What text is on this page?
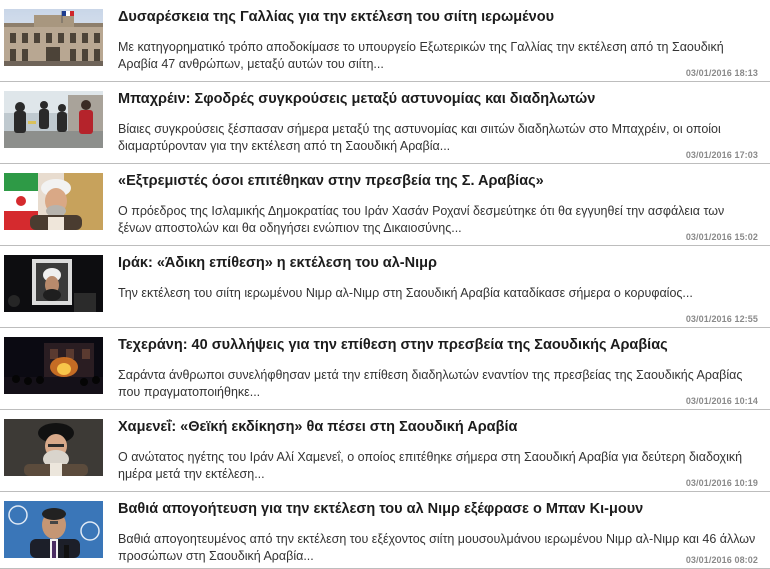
Δυσαρέσκεια της Γαλλίας για την εκτέλεση του σιίτη ιερωμένου

Με κατηγορηματικό τρόπο αποδοκίμασε το υπουργείο Εξωτερικών της Γαλλίας την εκτέλεση από τη Σαουδική Αραβία 47 ανθρώπων, μεταξύ αυτών του σιίτη...

03/01/2016 18:13
Μπαχρέιν: Σφοδρές συγκρούσεις μεταξύ αστυνομίας και διαδηλωτών

Βίαιες συγκρούσεις ξέσπασαν σήμερα μεταξύ της αστυνομίας και σιιτών διαδηλωτών στο Μπαχρέιν, οι οποίοι διαμαρτύρονταν για την εκτέλεση από τη Σαουδική Αραβία...

03/01/2016 17:03
«Εξτρεμιστές όσοι επιτέθηκαν στην πρεσβεία της Σ. Αραβίας»

Ο πρόεδρος της Ισλαμικής Δημοκρατίας του Ιράν Χασάν Ροχανί δεσμεύτηκε ότι θα εγγυηθεί την ασφάλεια των ξένων αποστολών και θα οδηγήσει ενώπιον της Δικαιοσύνης...

03/01/2016 15:02
Ιράκ: «Άδικη επίθεση» η εκτέλεση του αλ-Νιμρ

Την εκτέλεση του σιίτη ιερωμένου Νιμρ αλ-Νιμρ στη Σαουδική Αραβία καταδίκασε σήμερα ο κορυφαίος...

03/01/2016 12:55
Τεχεράνη: 40 συλλήψεις για την επίθεση στην πρεσβεία της Σαουδικής Αραβίας

Σαράντα άνθρωποι συνελήφθησαν μετά την επίθεση διαδηλωτών εναντίον της πρεσβείας της Σαουδικής Αραβίας που πραγματοποιήθηκε...

03/01/2016 10:14
Χαμενεΐ: «Θεϊκή εκδίκηση» θα πέσει στη Σαουδική Αραβία

Ο ανώτατος ηγέτης του Ιράν Αλί Χαμενεΐ, ο οποίος επιτέθηκε σήμερα στη Σαουδική Αραβία για δεύτερη διαδοχική ημέρα μετά την εκτέλεση...

03/01/2016 10:19
Βαθιά απογοήτευση για την εκτέλεση του αλ Νιμρ εξέφρασε ο Μπαν Κι-μουν

Βαθιά απογοητευμένος από την εκτέλεση του εξέχοντος σιίτη μουσουλμάνου ιερωμένου Νιμρ αλ-Νιμρ και 46 άλλων προσώπων στη Σαουδική Αραβία...	03/01/2016 08:02
